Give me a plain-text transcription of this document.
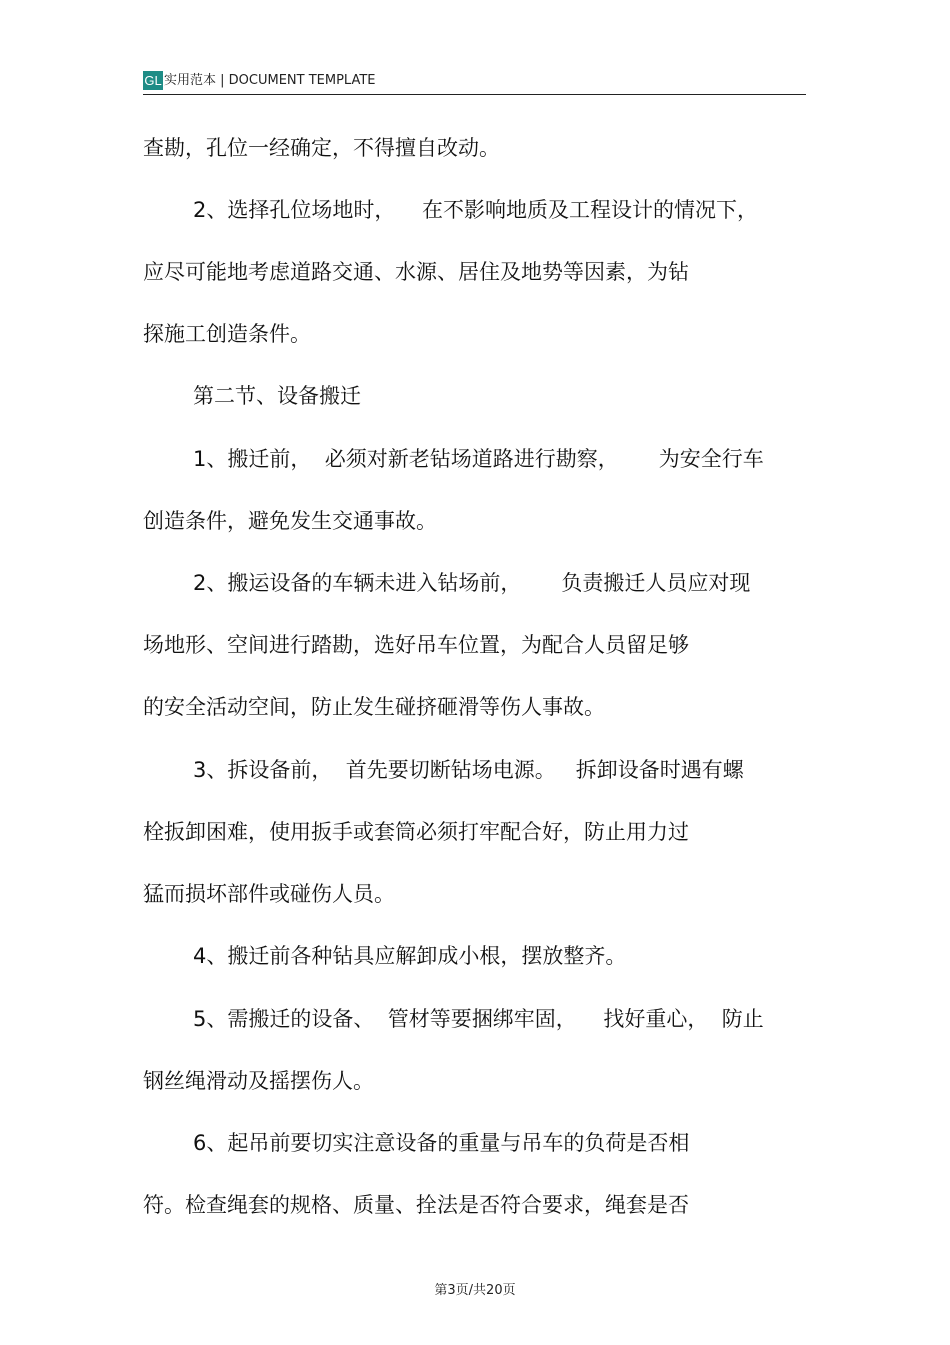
GL 实用范本 | DOCUMENT TEMPLATE
查勘，孔位一经确定，不得擅自改动。
2、选择孔位场地时，    在不影响地质及工程设计的情况下，
应尽可能地考虑道路交通、水源、居住及地势等因素，为钻
探施工创造条件。
第二节、设备搬迁
1、搬迁前，  必须对新老钻场道路进行勘察，      为安全行车
创造条件，避免发生交通事故。
2、搬运设备的车辆未进入钻场前，      负责搬迁人员应对现
场地形、空间进行踏勘，选好吊车位置，为配合人员留足够
的安全活动空间，防止发生碰挤砸滑等伤人事故。
3、拆设备前，  首先要切断钻场电源。   拆卸设备时遇有螺
栓扳卸困难，使用扳手或套筒必须打牢配合好，防止用力过
猛而损坏部件或碰伤人员。
4、搬迁前各种钻具应解卸成小根，摆放整齐。
5、需搬迁的设备、  管材等要捆绑牢固，    找好重心，  防止
钢丝绳滑动及摇摆伤人。
6、起吊前要切实注意设备的重量与吊车的负荷是否相
符。检查绳套的规格、质量、拴法是否符合要求，绳套是否
第3页/共20页
